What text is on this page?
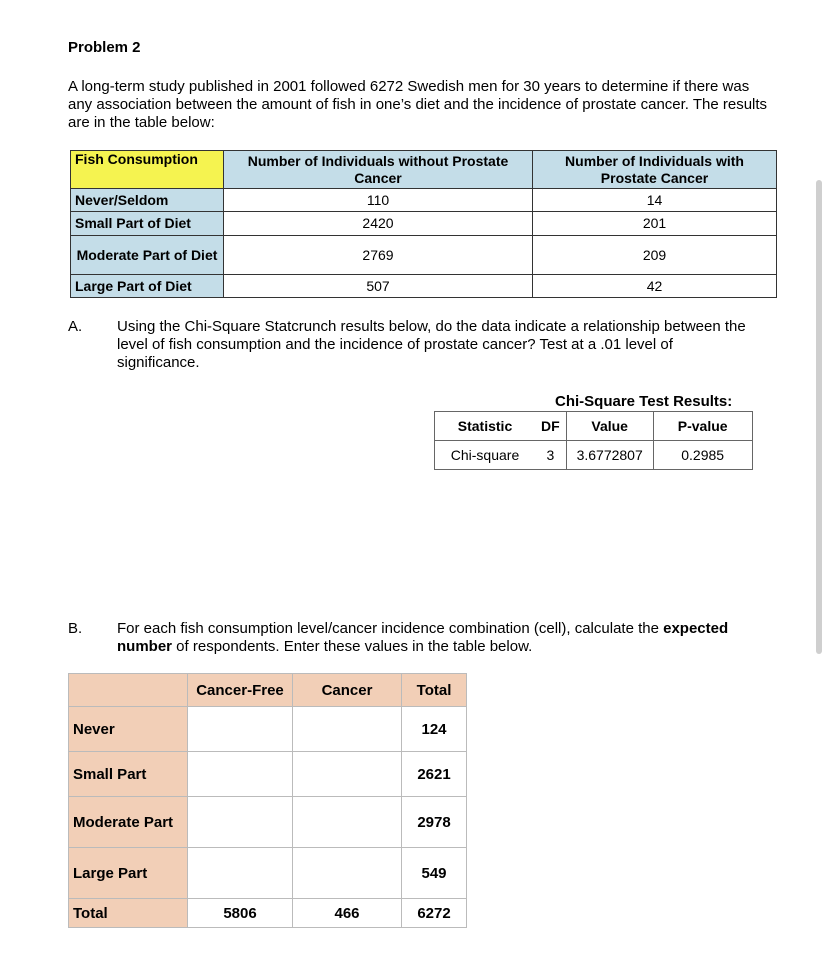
Problem 2
A long-term study published in 2001 followed 6272 Swedish men for 30 years to determine if there was any association between the amount of fish in one’s diet and the incidence of prostate cancer. The results are in the table below:
Fish Consumption	Number of Individuals without Prostate Cancer	Number of Individuals with Prostate Cancer
Never/Seldom	110	14
Small Part of Diet	2420	201
Moderate Part of Diet	2769	209
Large Part of Diet	507	42
A. Using the Chi-Square Statcrunch results below, do the data indicate a relationship between the level of fish consumption and the incidence of prostate cancer? Test at a .01 level of significance.
Chi-Square Test Results:
Statistic	DF	Value	P-value
Chi-square	3	3.6772807	0.2985
B. For each fish consumption level/cancer incidence combination (cell), calculate the expected number of respondents. Enter these values in the table below.
	Cancer-Free	Cancer	Total
Never			124
Small Part			2621
Moderate Part			2978
Large Part			549
Total	5806	466	6272
